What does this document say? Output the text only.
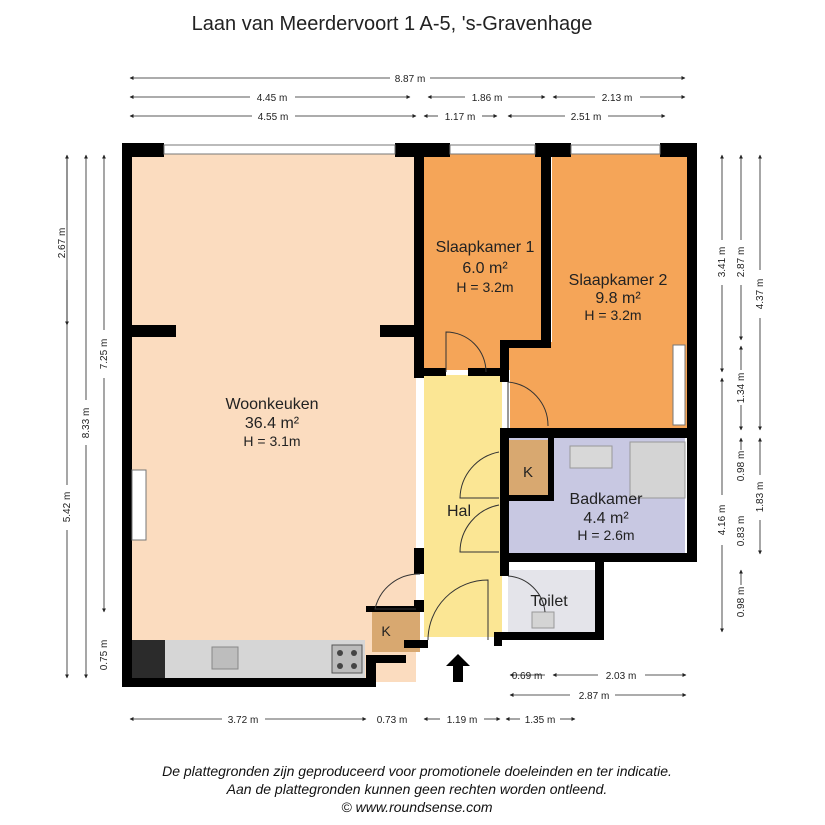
Laan van Meerdervoort 1 A-5, 's-Gravenhage
Woonkeuken
36.4 m²
H = 3.1m
Slaapkamer 1
6.0 m²
H = 3.2m	Slaapkamer 2
9.8 m²
H = 3.2m
Badkamer
4.4 m²
H = 2.6m
Hal
Toilet
K
K
8.87 m
4.45 m	1.86 m	2.13 m
4.55 m	1.17 m	2.51 m
5.42 m
8.33 m
7.25 m
2.67 m
0.75 m
3.41 m
4.16 m
2.87 m
1.34 m
0.98 m
0.83 m
0.98 m
4.37 m
1.83 m
0.69 m	2.03 m
2.87 m
3.72 m	0.73 m	1.19 m	1.35 m
De plattegronden zijn geproduceerd voor promotionele doeleinden en ter indicatie.
Aan de plattegronden kunnen geen rechten worden ontleend.
© www.roundsense.com
